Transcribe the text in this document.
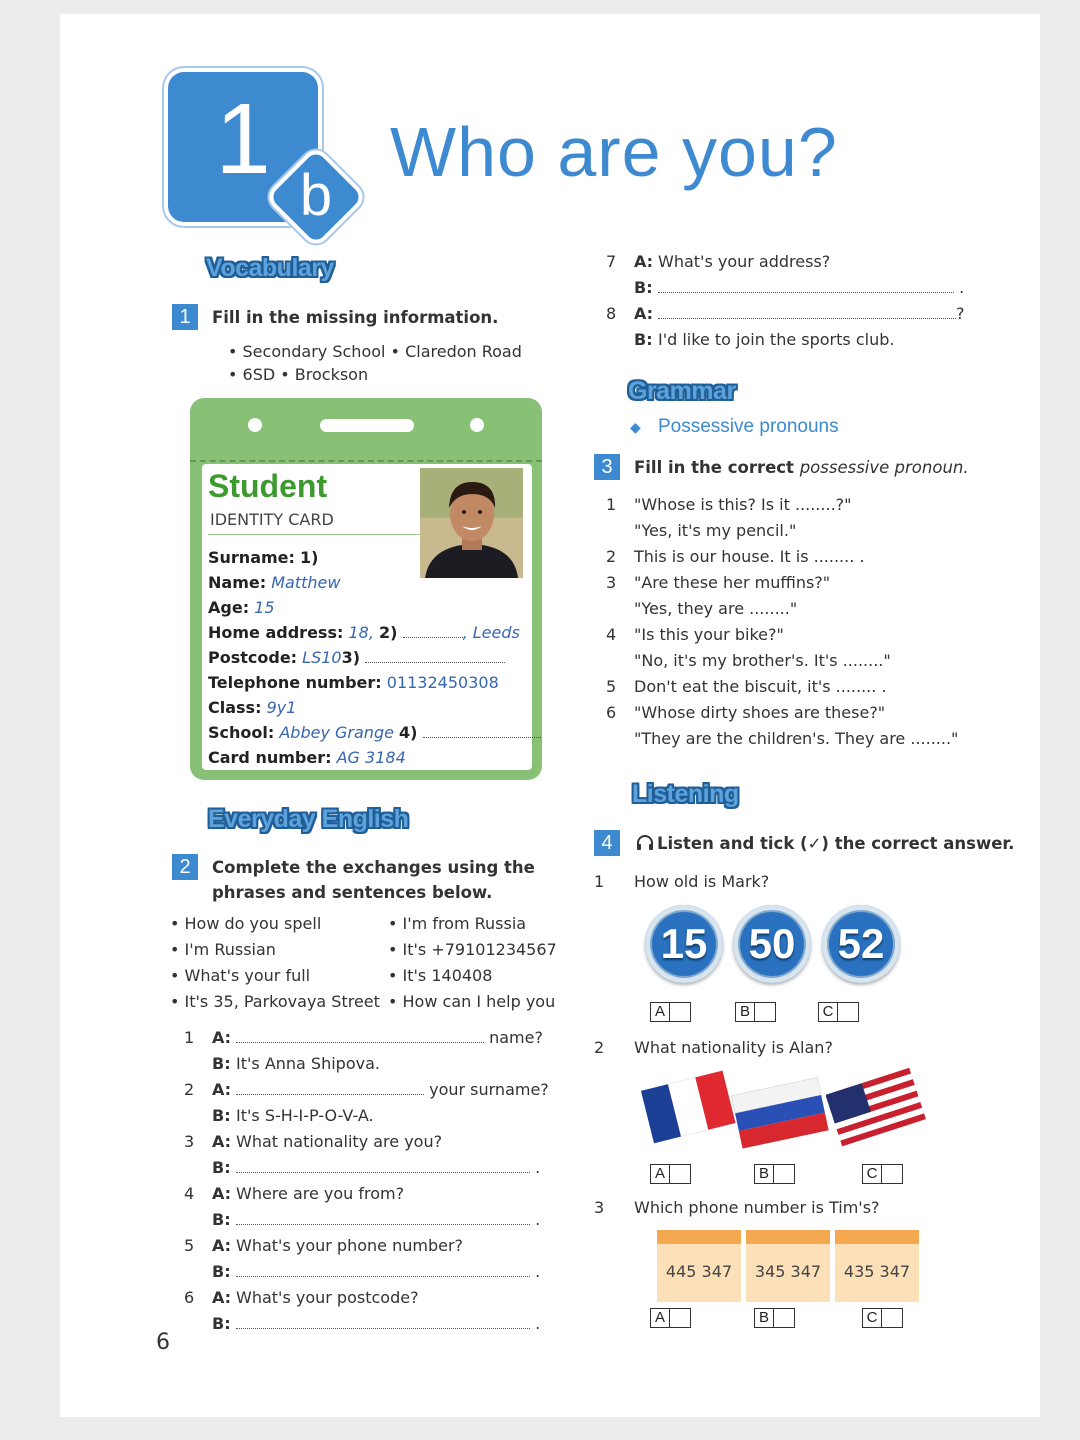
1
b
Who are you?
Vocabulary
1	Fill in the missing information.
• Secondary School • Claredon Road
• 6SD • Brockson
Student
IDENTITY CARD
Surname: 1)
Name: Matthew
Age: 15
Home address: 18, 2)	, Leeds
Postcode: LS103)
Telephone number: 01132450308
Class: 9y1
School: Abbey Grange 4)
Card number: AG 3184
Everyday English
2	Complete the exchanges using the
phrases and sentences below.
• How do you spell
• I'm Russian
• What's your full
• It's 35, Parkovaya Street
• I'm from Russia
• It's +79101234567
• It's 140408
• How can I help you
1 A:	name?
B: It's Anna Shipova.
2 A:	your surname?
B: It's S-H-I-P-O-V-A.
3 A: What nationality are you?
B:	.
4 A: Where are you from?
B:	.
5 A: What's your phone number?
B:	.
6 A: What's your postcode?
B:	.
6
7 A: What's your address?
B:	.
8 A:	?
B: I'd like to join the sports club.
Grammar
◆ Possessive pronouns
3	Fill in the correct possessive pronoun.
1 "Whose is this? Is it ........?"
"Yes, it's my pencil."
2 This is our house. It is ........ .
3 "Are these her muffins?"
"Yes, they are ........"
4 "Is this your bike?"
"No, it's my brother's. It's ........"
5 Don't eat the biscuit, it's ........ .
6 "Whose dirty shoes are these?"
"They are the children's. They are ........"
Listening
4	Listen and tick (✓) the correct answer.
1 How old is Mark?
15 50	52
A	B	C
2 What nationality is Alan?
A	B	C
3 Which phone number is Tim's?
445 347	345 347	435 347
A	B	C
